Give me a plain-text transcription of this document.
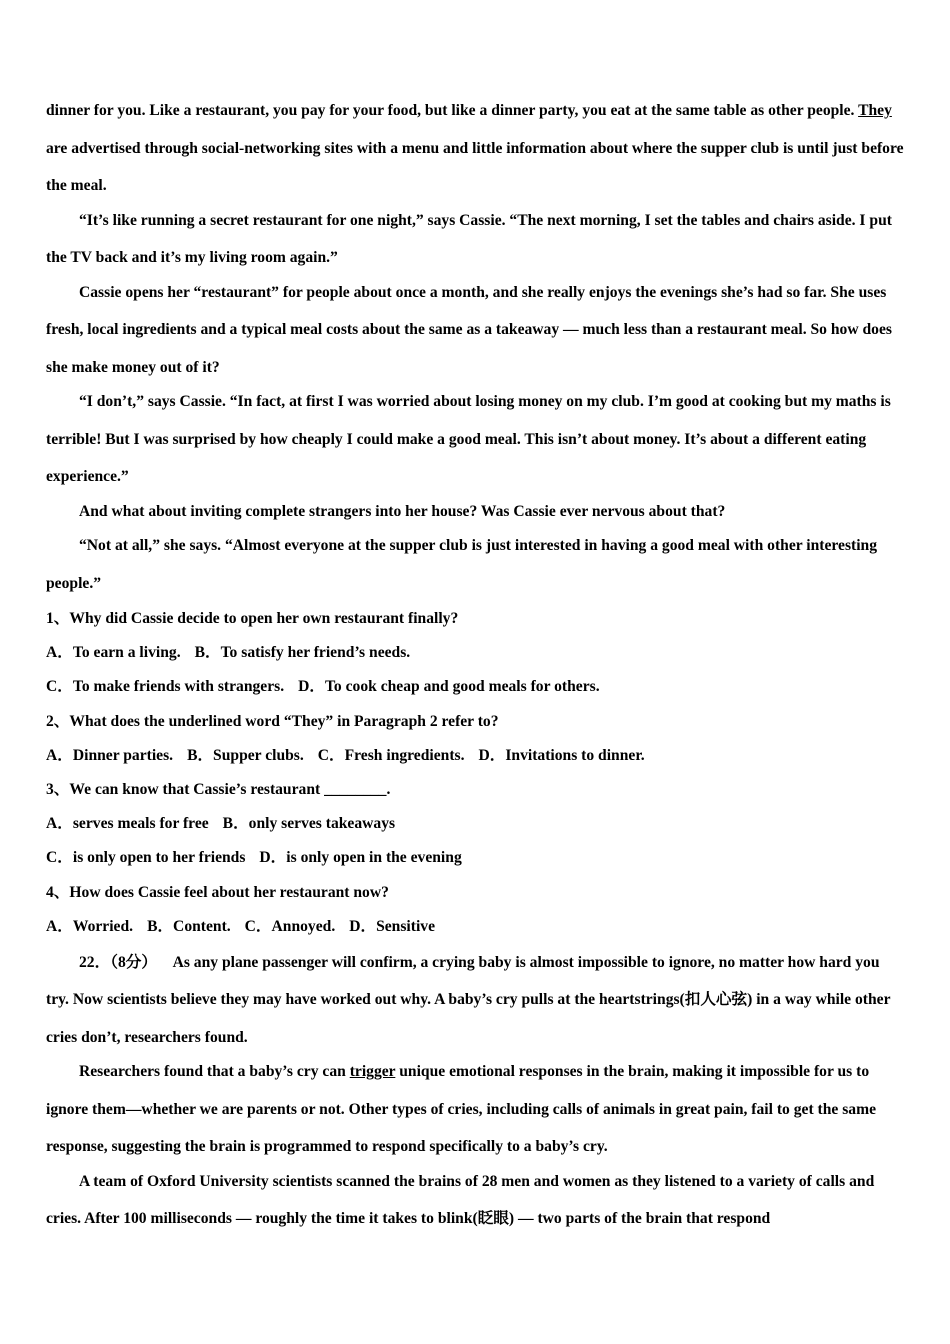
dinner for you. Like a restaurant, you pay for your food, but like a dinner party, you eat at the same table as other people. They are advertised through social-networking sites with a menu and little information about where the supper club is until just before the meal.

“It’s like running a secret restaurant for one night,” says Cassie. “The next morning, I set the tables and chairs aside. I put the TV back and it’s my living room again.”

Cassie opens her “restaurant” for people about once a month, and she really enjoys the evenings she’s had so far. She uses fresh, local ingredients and a typical meal costs about the same as a takeaway — much less than a restaurant meal. So how does she make money out of it?

“I don’t,” says Cassie. “In fact, at first I was worried about losing money on my club. I’m good at cooking but my maths is terrible! But I was surprised by how cheaply I could make a good meal. This isn’t about money. It’s about a different eating experience.”

And what about inviting complete strangers into her house? Was Cassie ever nervous about that?

“Not at all,” she says. “Almost everyone at the supper club is just interested in having a good meal with other interesting people.”

1、Why did Cassie decide to open her own restaurant finally?

A．To earn a living. B．To satisfy her friend’s needs.

C．To make friends with strangers. D．To cook cheap and good meals for others.

2、What does the underlined word “They” in Paragraph 2 refer to?

A．Dinner parties. B．Supper clubs. C．Fresh ingredients. D．Invitations to dinner.

3、We can know that Cassie’s restaurant ________.

A．serves meals for free B．only serves takeaways

C．is only open to her friends D．is only open in the evening

4、How does Cassie feel about her restaurant now?

A．Worried. B．Content. C．Annoyed. D．Sensitive

22．（8分） As any plane passenger will confirm, a crying baby is almost impossible to ignore, no matter how hard you try. Now scientists believe they may have worked out why. A baby’s cry pulls at the heartstrings(扣人心弦) in a way while other cries don’t, researchers found.

Researchers found that a baby’s cry can trigger unique emotional responses in the brain, making it impossible for us to ignore them—whether we are parents or not. Other types of cries, including calls of animals in great pain, fail to get the same response, suggesting the brain is programmed to respond specifically to a baby’s cry.

A team of Oxford University scientists scanned the brains of 28 men and women as they listened to a variety of calls and cries. After 100 milliseconds — roughly the time it takes to blink(眨眼) — two parts of the brain that respond
